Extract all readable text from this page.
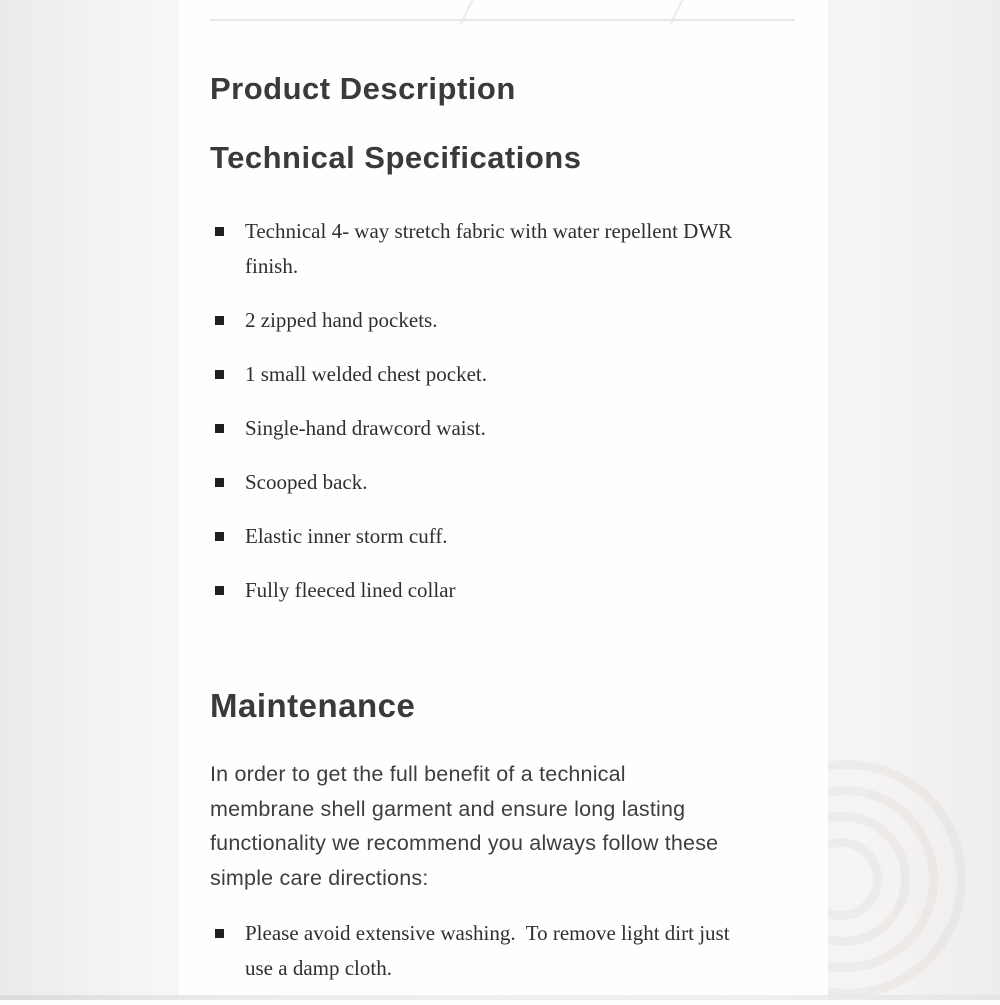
Product Description
Technical Specifications
Technical 4- way stretch fabric with water repellent DWR
finish.
2 zipped hand pockets.
1 small welded chest pocket.
Single-hand drawcord waist.
Scooped back.
Elastic inner storm cuff.
Fully fleeced lined collar
Maintenance
In order to get the full benefit of a technical
membrane shell garment and ensure long lasting
functionality we recommend you always follow these
simple care directions:
Please avoid extensive washing.  To remove light dirt just
use a damp cloth.
